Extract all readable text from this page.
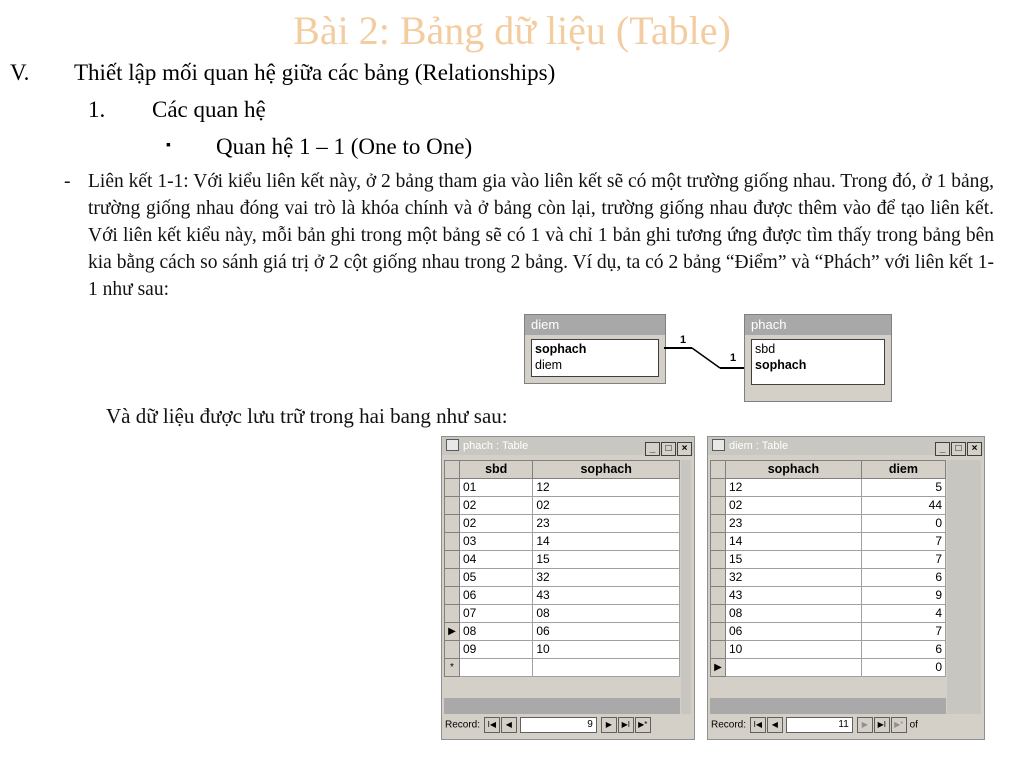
Bài 2: Bảng dữ liệu (Table)
V. Thiết lập mối quan hệ giữa các bảng (Relationships)
1. Các quan hệ
▪ Quan hệ 1 – 1 (One to One)
- Liên kết 1-1: Với kiểu liên kết này, ở 2 bảng tham gia vào liên kết sẽ có một trường giống nhau. Trong đó, ở 1 bảng, trường giống nhau đóng vai trò là khóa chính và ở bảng còn lại, trường giống nhau được thêm vào để tạo liên kết. Với liên kết kiểu này, mỗi bản ghi trong một bảng sẽ có 1 và chỉ 1 bản ghi tương ứng được tìm thấy trong bảng bên kia bằng cách so sánh giá trị ở 2 cột giống nhau trong 2 bảng. Ví dụ, ta có 2 bảng “Điểm” và “Phách” với liên kết 1-1 như sau:
diem
sophach
diem
phach
sbd
sophach
1
1
Và dữ liệu được lưu trữ trong hai bang như sau:
phach : Table	_ □ ×
	sbd	sophach
	01	12
	02	02
	02	23
	03	14
	04	15
	05	32
	06	43
	07	08
▶	08	06
	09	10
*		
Record: I◀ ◀	9 ▶ ▶I ▶*
diem : Table	_ □ ×
	sophach	diem
	12	5
	02	44
	23	0
	14	7
	15	7
	32	6
	43	9
	08	4
	06	7
	10	6
▶		0
Record: I◀ ◀	11 ▶ ▶I ▶* of
